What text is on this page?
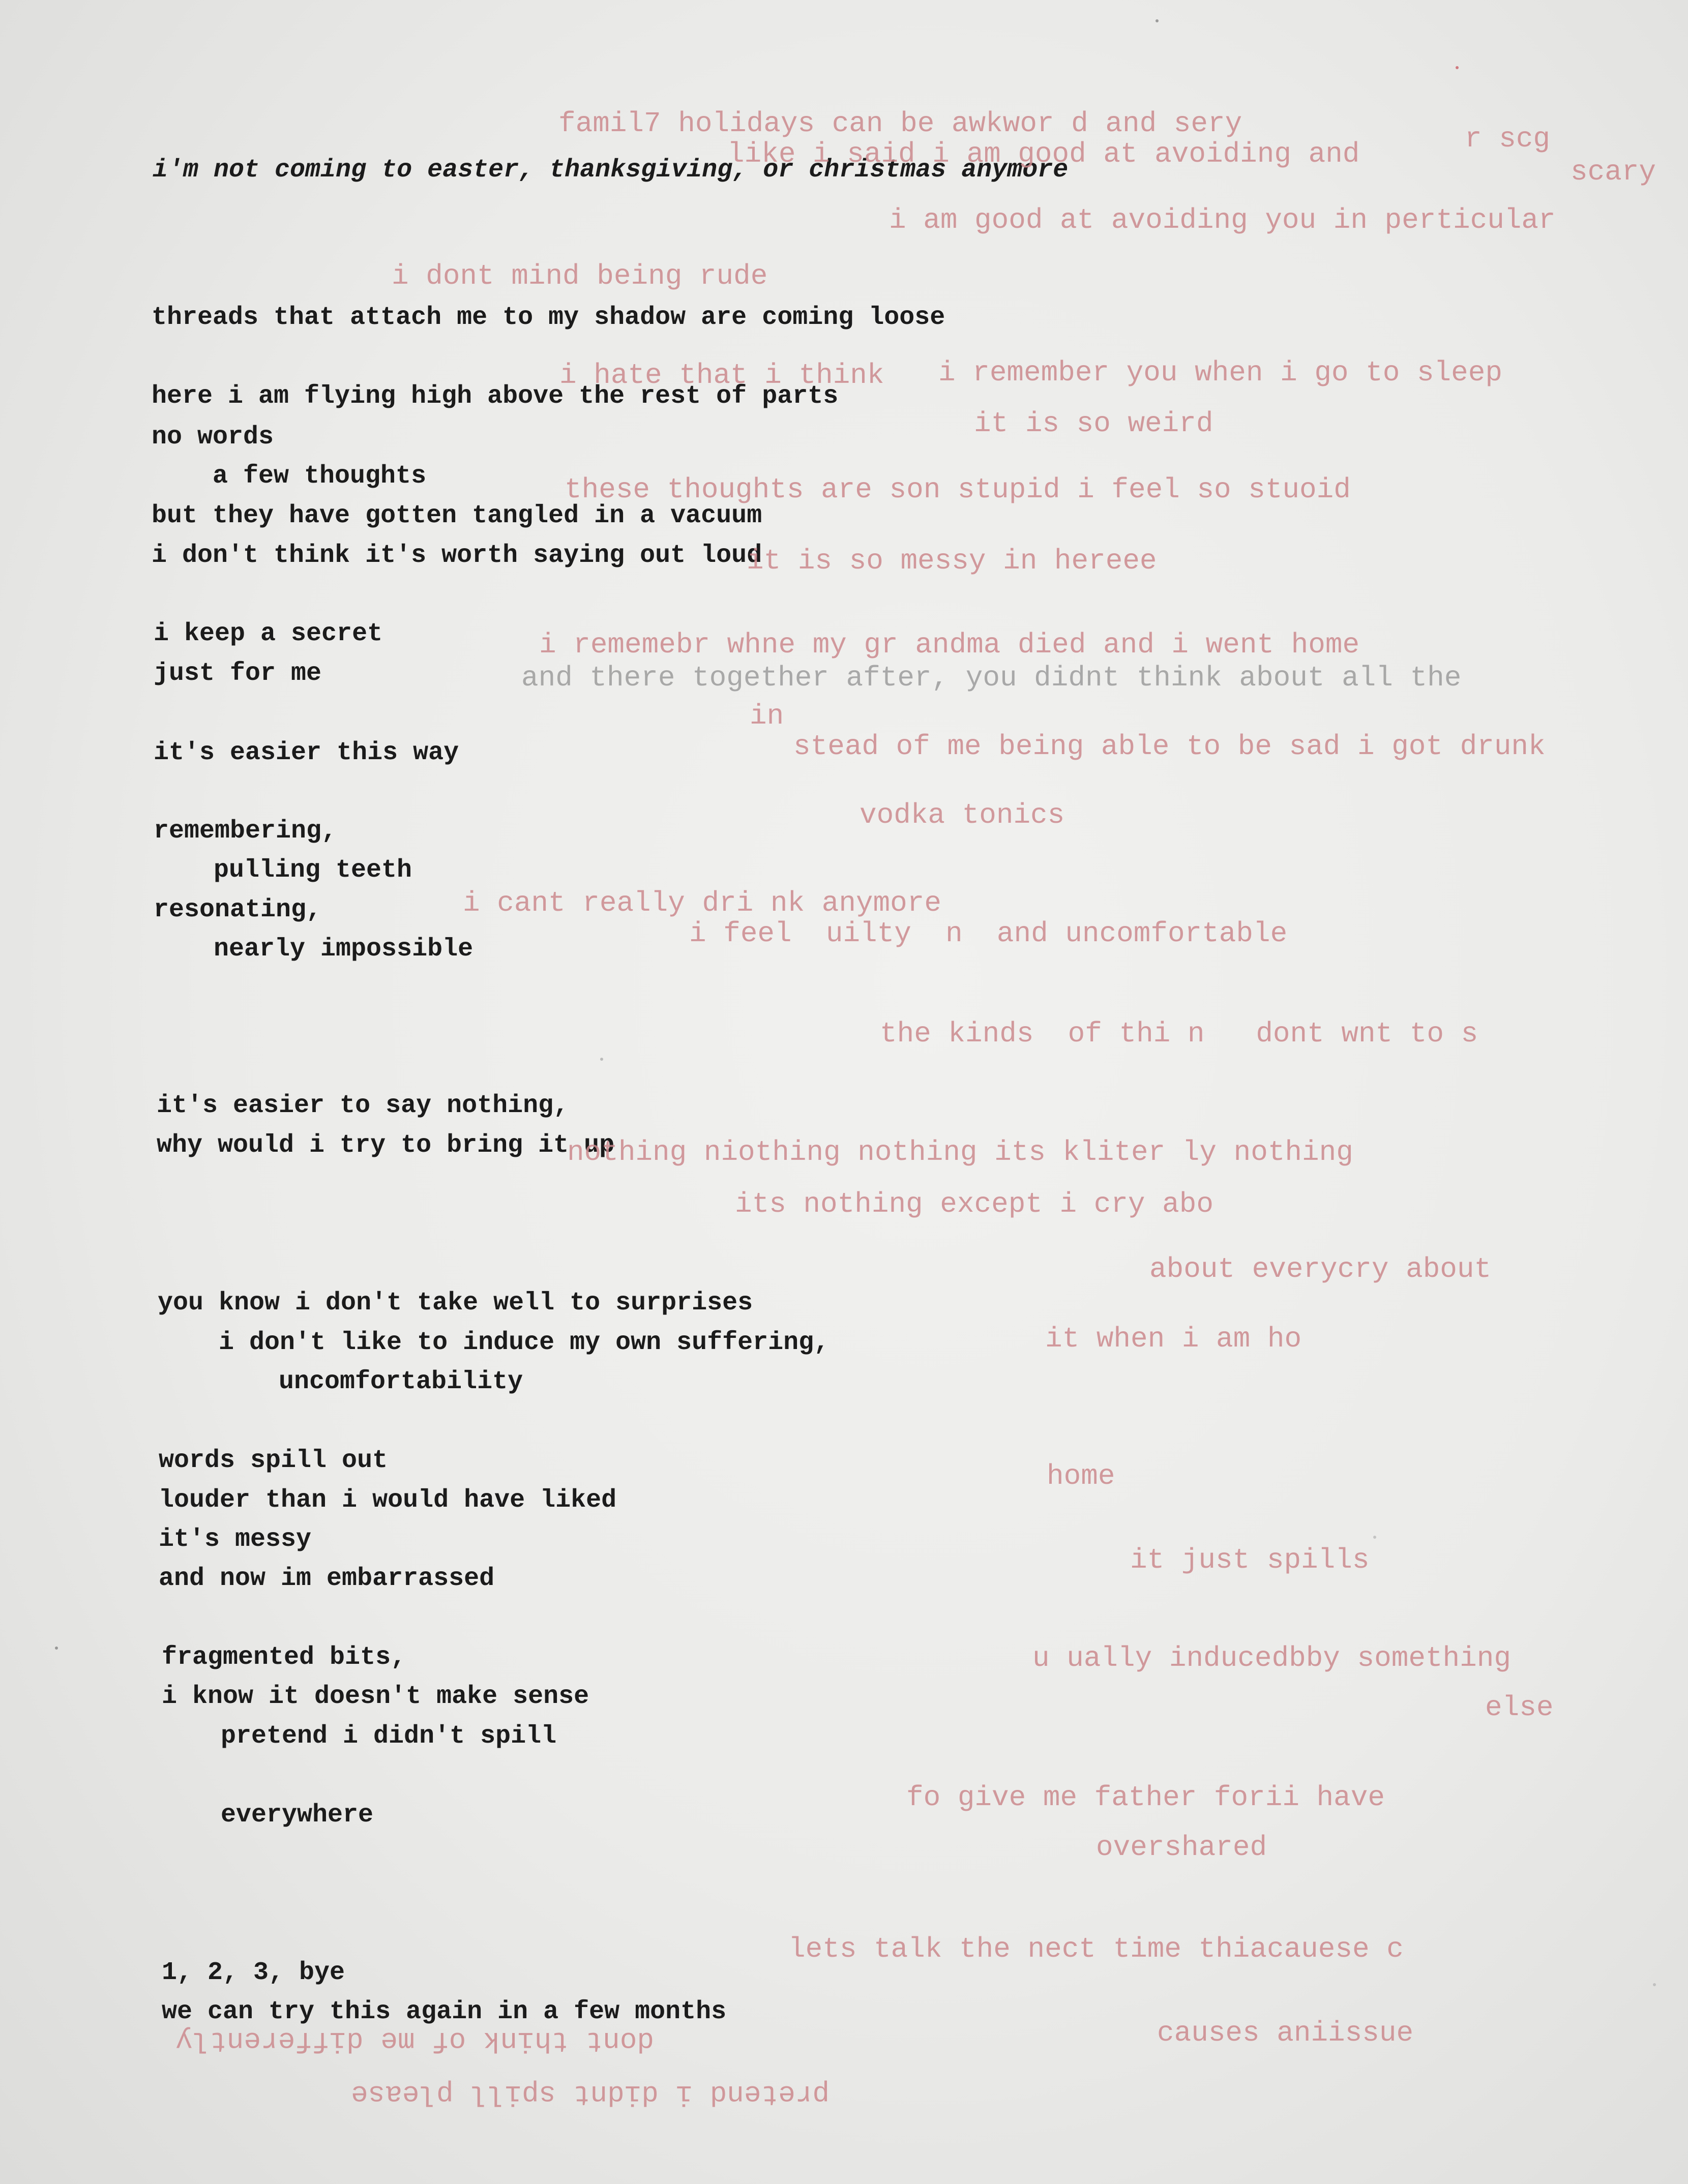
i'm not coming to easter, thanksgiving, or christmas anymore
threads that attach me to my shadow are coming loose
here i am flying high above the rest of parts
no words
a few thoughts
but they have gotten tangled in a vacuum
i don't think it's worth saying out loud
i keep a secret
just for me
it's easier this way
remembering,
pulling teeth
resonating,
nearly impossible
it's easier to say nothing,
why would i try to bring it up
you know i don't take well to surprises
i don't like to induce my own suffering,
uncomfortability
words spill out
louder than i would have liked
it's messy
and now im embarrassed
fragmented bits,
i know it doesn't make sense
pretend i didn't spill
everywhere
1, 2, 3, bye
we can try this again in a few months
famil7 holidays can be awkwor d and sery
like i said i am good at avoiding and	r scg
scary
i am good at avoiding you in perticular
i dont mind being rude
i hate that i think i remember you when i go to sleep
it is so weird
these thoughts are son stupid i feel so stuoid
it is so messy in hereee
i rememebr whne my gr andma died and i went home
and there together after, you didnt think about all the
in
stead of me being able to be sad i got drunk
vodka tonics
i cant really dri nk anymore
i feel  uilty  n  and uncomfortable
the kinds  of thi n   dont wnt to s
nothing niothing nothing its kliter ly nothing
its nothing except i cry abo
about everycry about
it when i am ho
home
it just spills
u ually inducedbby something
else
fo give me father forii have
overshared
lets talk the nect time thiacauese c
causes aniissue
dont think of me differently
pretend i didnt spill please
